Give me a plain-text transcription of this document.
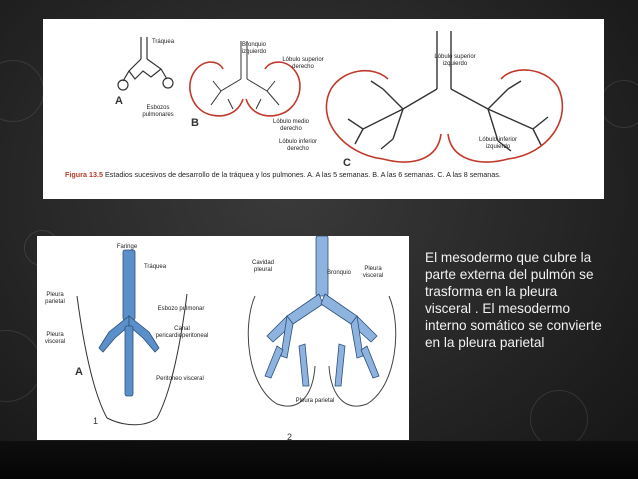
Tráquea	Bronquio
izquierdo
Lóbulo superior
derecho
Lóbulo superior
izquierdo
Esbozos
pulmonares
Lóbulo medio
derecho
Lóbulo inferior
derecho
Lóbulo inferior
izquierdo
A
B
C
Figura 13.5 Estadios sucesivos de desarrollo de la tráquea y los pulmones. A. A las 5 semanas. B. A las 6 semanas. C. A las 8 semanas.
Faringe
Tráquea
Pleura
parietal
Esbozo pulmonar
Pleura
visceral
Canal
pericardioperitoneal
Peritoneo visceral
Cavidad
pleural
Bronquio
Pleura
visceral
Pleura parietal
A
1
2
El mesodermo que cubre la parte externa del pulmón se trasforma en la pleura visceral . El mesodermo interno somático se convierte en la pleura parietal
